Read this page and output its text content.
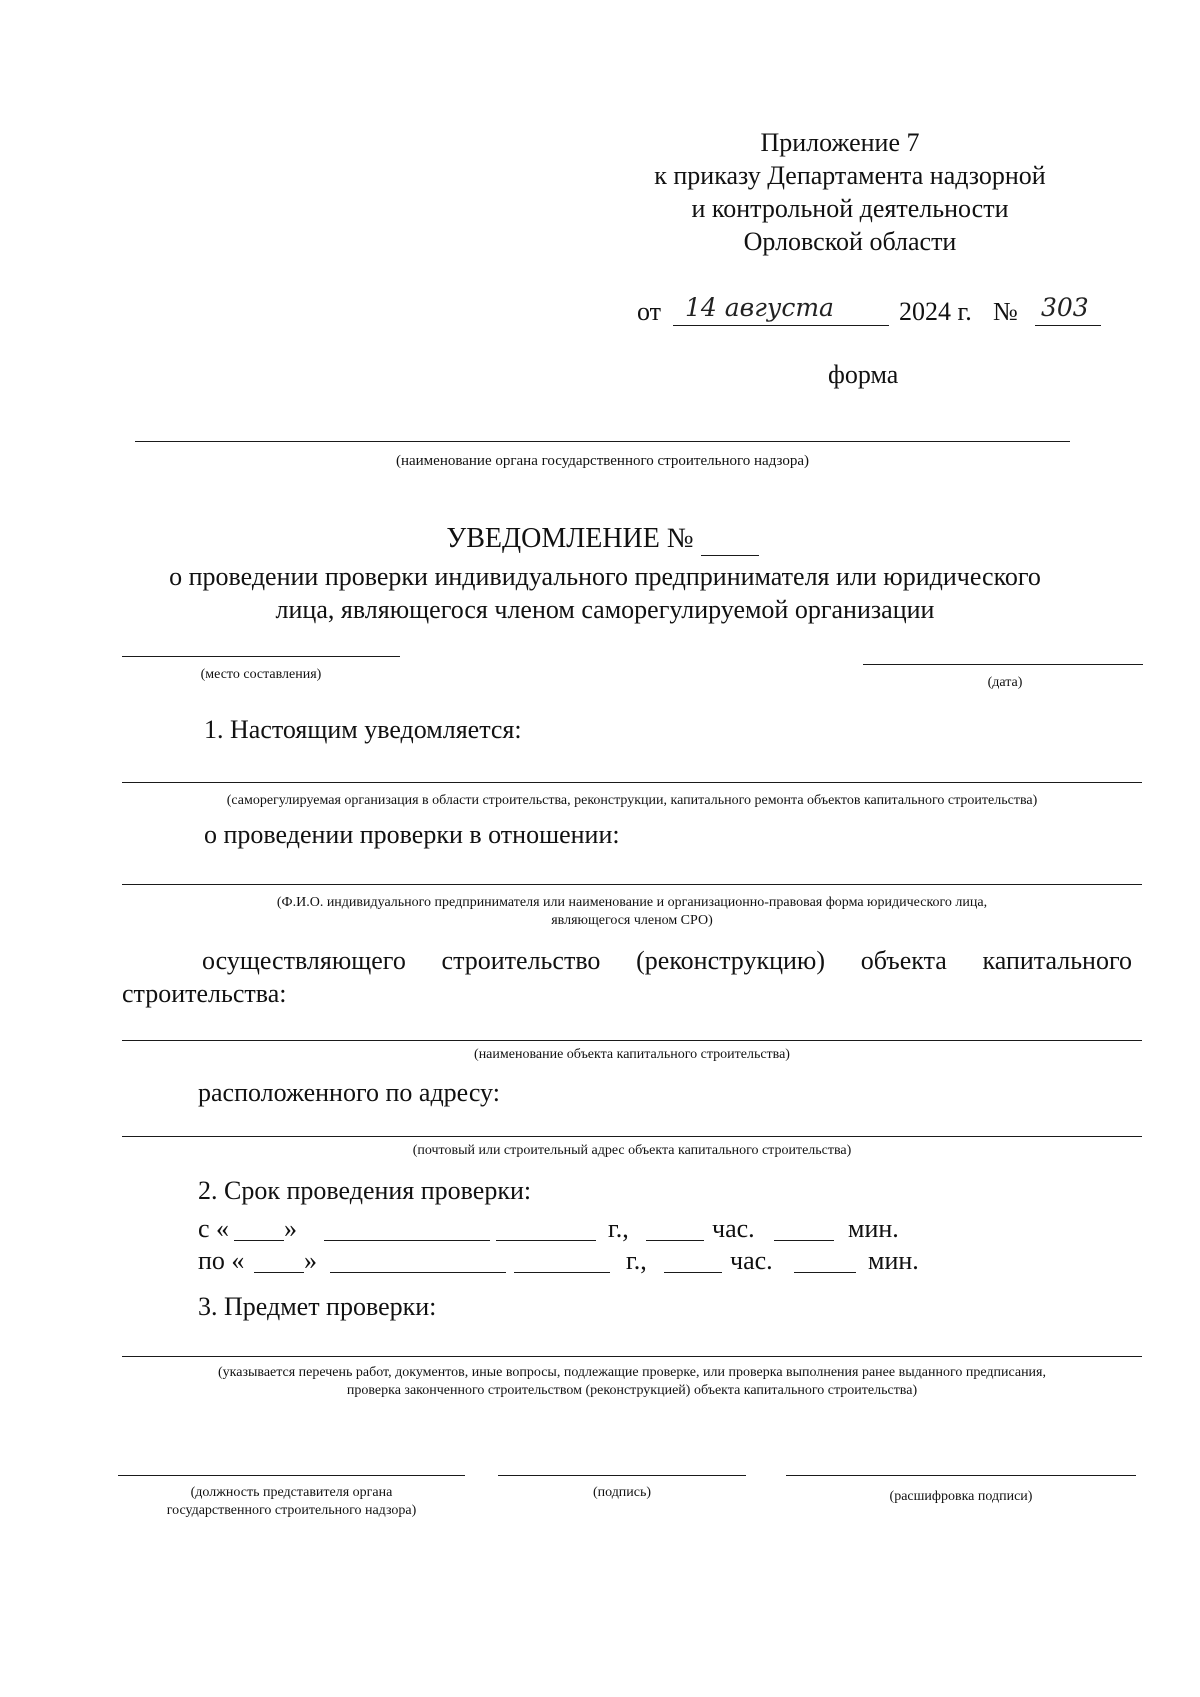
Приложение 7
к приказу Департамента надзорной
и контрольной деятельности
Орловской области
от 14 августа	2024 г. № 303
форма
(наименование органа государственного строительного надзора)
УВЕДОМЛЕНИЕ №
о проведении проверки индивидуального предпринимателя или юридического
лица, являющегося членом саморегулируемой организации
(место составления)
(дата)
1. Настоящим уведомляется:
(саморегулируемая организация в области строительства, реконструкции, капитального ремонта объектов капитального строительства)
о проведении проверки в отношении:
(Ф.И.О. индивидуального предпринимателя или наименование и организационно-правовая форма юридического лица,
являющегося членом СРО)
осуществляющего строительство (реконструкцию) объекта капитального
строительства:
(наименование объекта капитального строительства)
расположенного по адресу:
(почтовый или строительный адрес объекта капитального строительства)
2. Срок проведения проверки:
с « »	г.,	час.	мин.
по « »	г.,	час.	мин.
3. Предмет проверки:
(указывается перечень работ, документов, иные вопросы, подлежащие проверке, или проверка выполнения ранее выданного предписания,
проверка законченного строительством (реконструкцией) объекта капитального строительства)
(должность представителя органа
государственного строительного надзора)
(подпись)	(расшифровка подписи)
